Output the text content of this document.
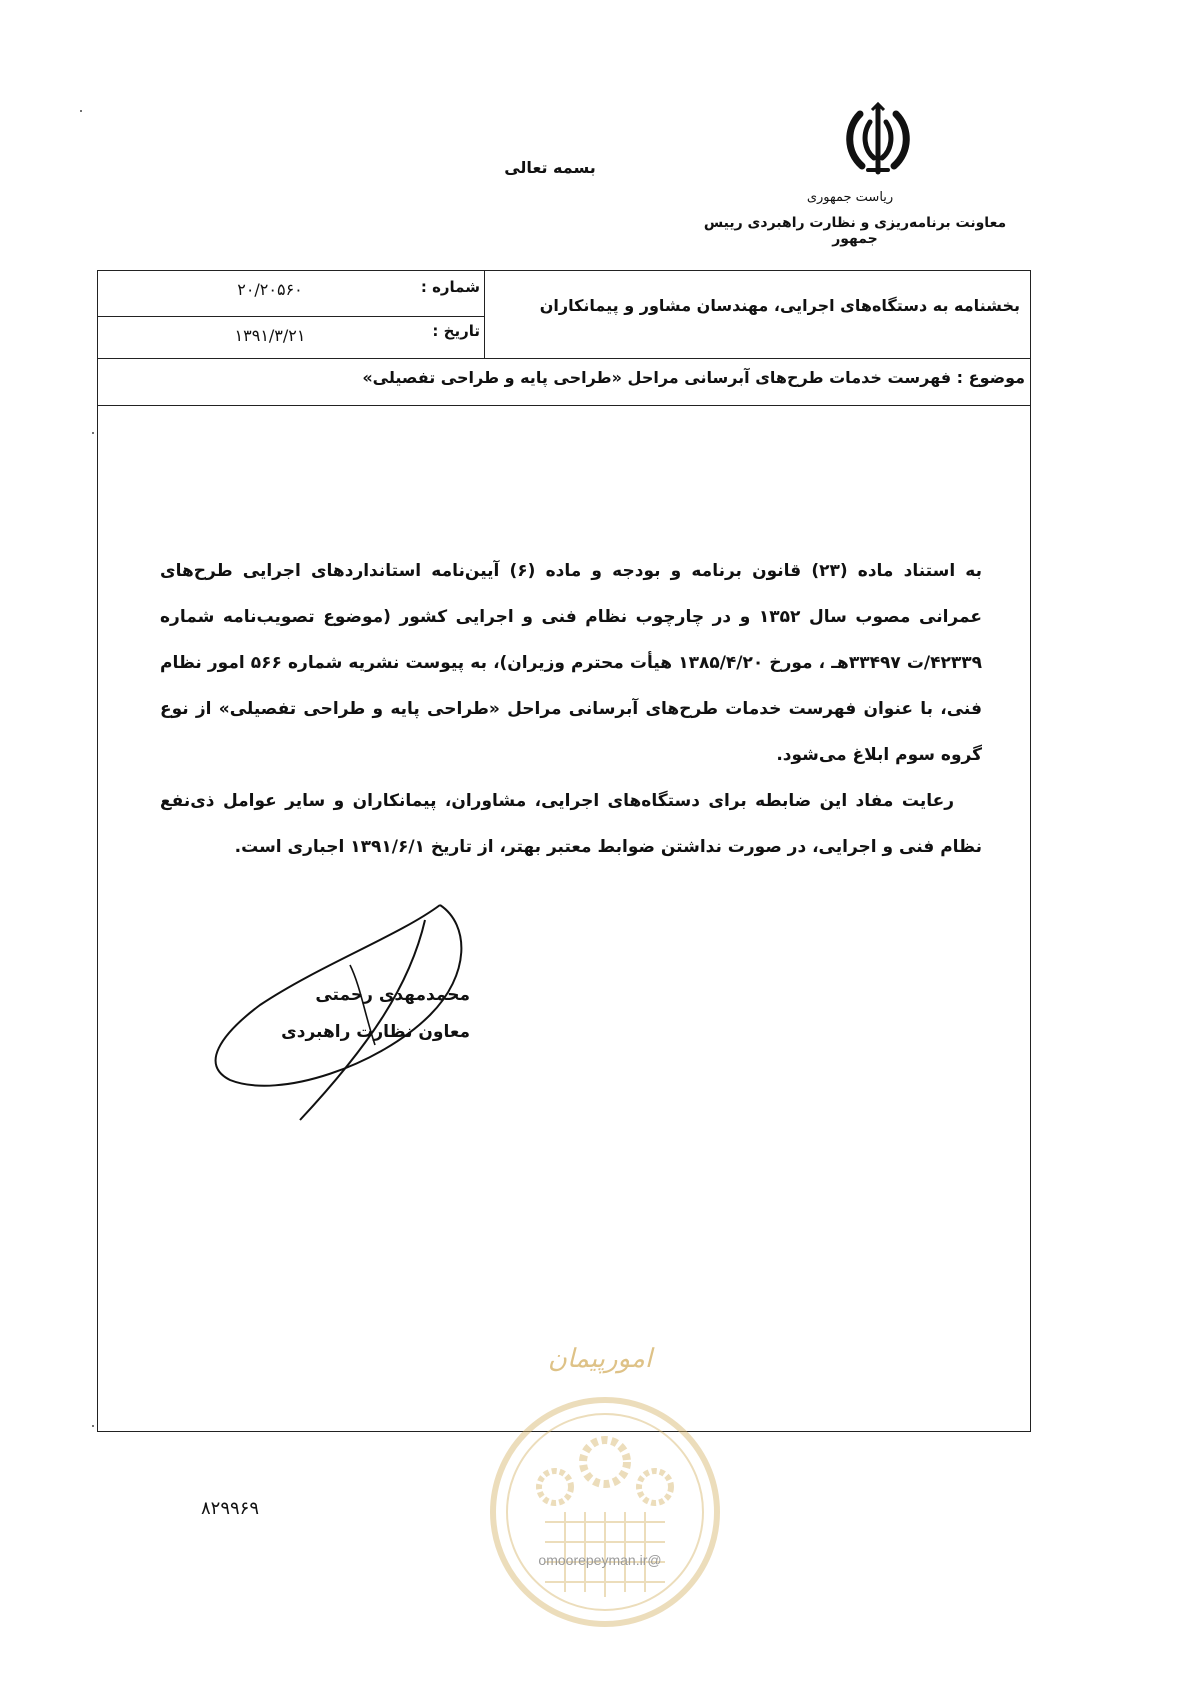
بسمه تعالی
ریاست جمهوری
معاونت برنامه‌ریزی و نظارت راهبردی رییس جمهور
بخشنامه به دستگاه‌های اجرایی، مهندسان مشاور و پیمانکاران
شماره :
۲۰/۲۰۵۶۰
تاریخ :
۱۳۹۱/۳/۲۱
موضوع : فهرست خدمات طرح‌های آبرسانی مراحل «طراحی پایه و طراحی تفصیلی»

به استناد ماده (۲۳) قانون برنامه و بودجه و ماده (۶) آیین‌نامه استانداردهای اجرایی طرح‌های عمرانی مصوب سال ۱۳۵۲ و در چارچوب نظام فنی و اجرایی کشور (موضوع تصویب‌نامه شماره ۴۲۳۳۹/ت ۳۳۴۹۷هـ ، مورخ ۱۳۸۵/۴/۲۰ هیأت محترم وزیران)، به پیوست نشریه شماره ۵۶۶ امور نظام فنی، با عنوان فهرست خدمات طرح‌های آبرسانی مراحل «طراحی پایه و طراحی تفصیلی» از نوع گروه سوم ابلاغ می‌شود.

رعایت مفاد این ضابطه برای دستگاه‌های اجرایی، مشاوران، پیمانکاران و سایر عوامل ذی‌نفع نظام فنی و اجرایی، در صورت نداشتن ضوابط معتبر بهتر، از تاریخ ۱۳۹۱/۶/۱ اجباری است.

محمدمهدی رحمتی
معاون نظارت راهبردی
امورپیمان
@omoorepeyman.ir
۸۲۹۹۶۹
